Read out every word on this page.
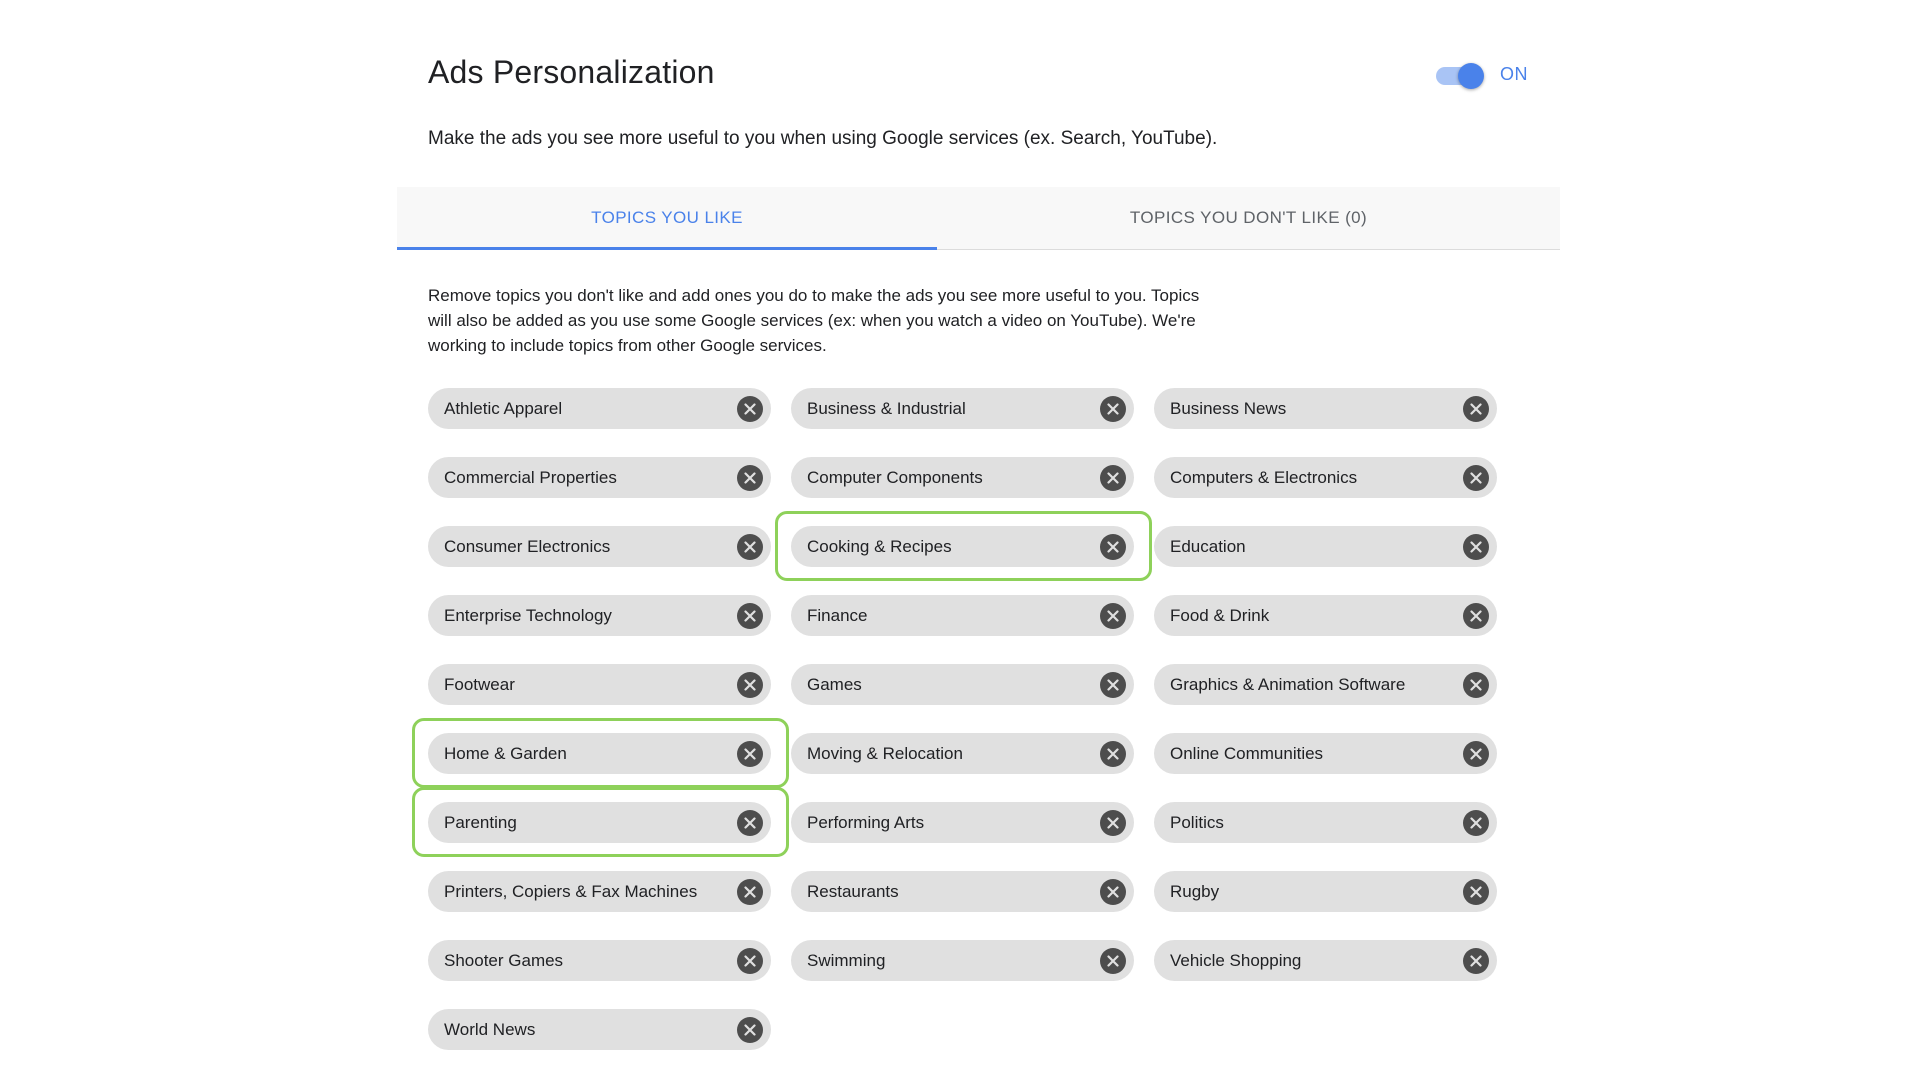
Ads Personalization	ON
Make the ads you see more useful to you when using Google services (ex. Search, YouTube).
TOPICS YOU LIKE	TOPICS YOU DON'T LIKE (0)
Remove topics you don't like and add ones you do to make the ads you see more useful to you. Topics will also be added as you use some Google services (ex: when you watch a video on YouTube). We're working to include topics from other Google services.
Athletic Apparel	Business & Industrial	Business News
Commercial Properties	Computer Components	Computers & Electronics
Consumer Electronics	Cooking & Recipes	Education
Enterprise Technology	Finance	Food & Drink
Footwear	Games	Graphics & Animation Software
Home & Garden	Moving & Relocation	Online Communities
Parenting	Performing Arts	Politics
Printers, Copiers & Fax Machines	Restaurants	Rugby
Shooter Games	Swimming	Vehicle Shopping
World News
